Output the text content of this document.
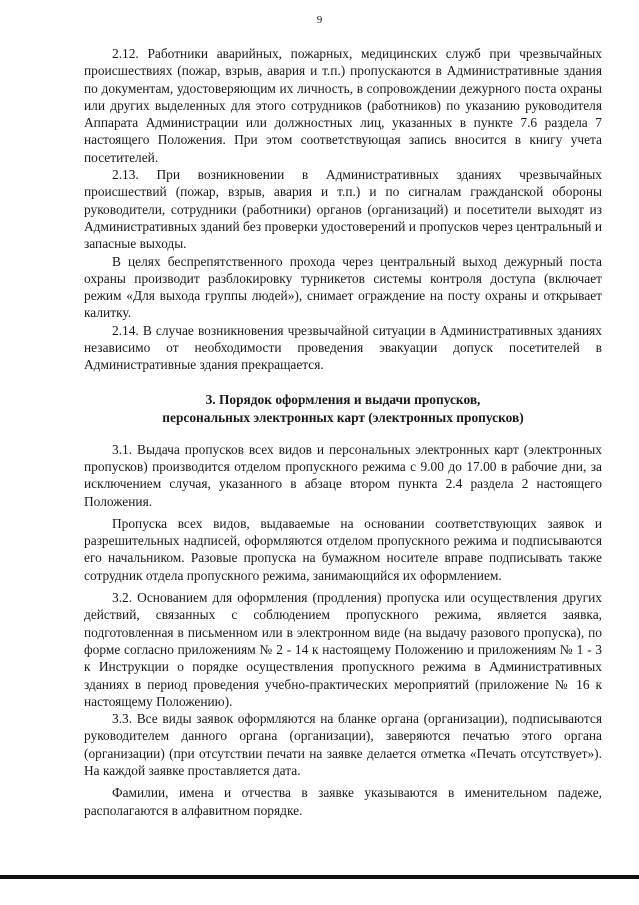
9

2.12. Работники аварийных, пожарных, медицинских служб при чрезвычайных происшествиях (пожар, взрыв, авария и т.п.) пропускаются в Административные здания по документам, удостоверяющим их личность, в сопровождении дежурного поста охраны или других выделенных для этого сотрудников (работников) по указанию руководителя Аппарата Администрации или должностных лиц, указанных в пункте 7.6 раздела 7 настоящего Положения. При этом соответствующая запись вносится в книгу учета посетителей.

2.13. При возникновении в Административных зданиях чрезвычайных происшествий (пожар, взрыв, авария и т.п.) и по сигналам гражданской обороны руководители, сотрудники (работники) органов (организаций) и посетители выходят из Административных зданий без проверки удостоверений и пропусков через центральный и запасные выходы.

В целях беспрепятственного прохода через центральный выход дежурный поста охраны производит разблокировку турникетов системы контроля доступа (включает режим «Для выхода группы людей»), снимает ограждение на посту охраны и открывает калитку.

2.14. В случае возникновения чрезвычайной ситуации в Административных зданиях независимо от необходимости проведения эвакуации допуск посетителей в Административные здания прекращается.

3. Порядок оформления и выдачи пропусков,
персональных электронных карт (электронных пропусков)

3.1. Выдача пропусков всех видов и персональных электронных карт (электронных пропусков) производится отделом пропускного режима с 9.00 до 17.00 в рабочие дни, за исключением случая, указанного в абзаце втором пункта 2.4 раздела 2 настоящего Положения.

Пропуска всех видов, выдаваемые на основании соответствующих заявок и разрешительных надписей, оформляются отделом пропускного режима и подписываются его начальником. Разовые пропуска на бумажном носителе вправе подписывать также сотрудник отдела пропускного режима, занимающийся их оформлением.

3.2. Основанием для оформления (продления) пропуска или осуществления других действий, связанных с соблюдением пропускного режима, является заявка, подготовленная в письменном или в электронном виде (на выдачу разового пропуска), по форме согласно приложениям № 2 - 14 к настоящему Положению и приложениям № 1 - 3 к Инструкции о порядке осуществления пропускного режима в Административных зданиях в период проведения учебно-практических мероприятий (приложение № 16 к настоящему Положению).

3.3. Все виды заявок оформляются на бланке органа (организации), подписываются руководителем данного органа (организации), заверяются печатью этого органа (организации) (при отсутствии печати на заявке делается отметка «Печать отсутствует»). На каждой заявке проставляется дата.

Фамилии, имена и отчества в заявке указываются в именительном падеже, располагаются в алфавитном порядке.
